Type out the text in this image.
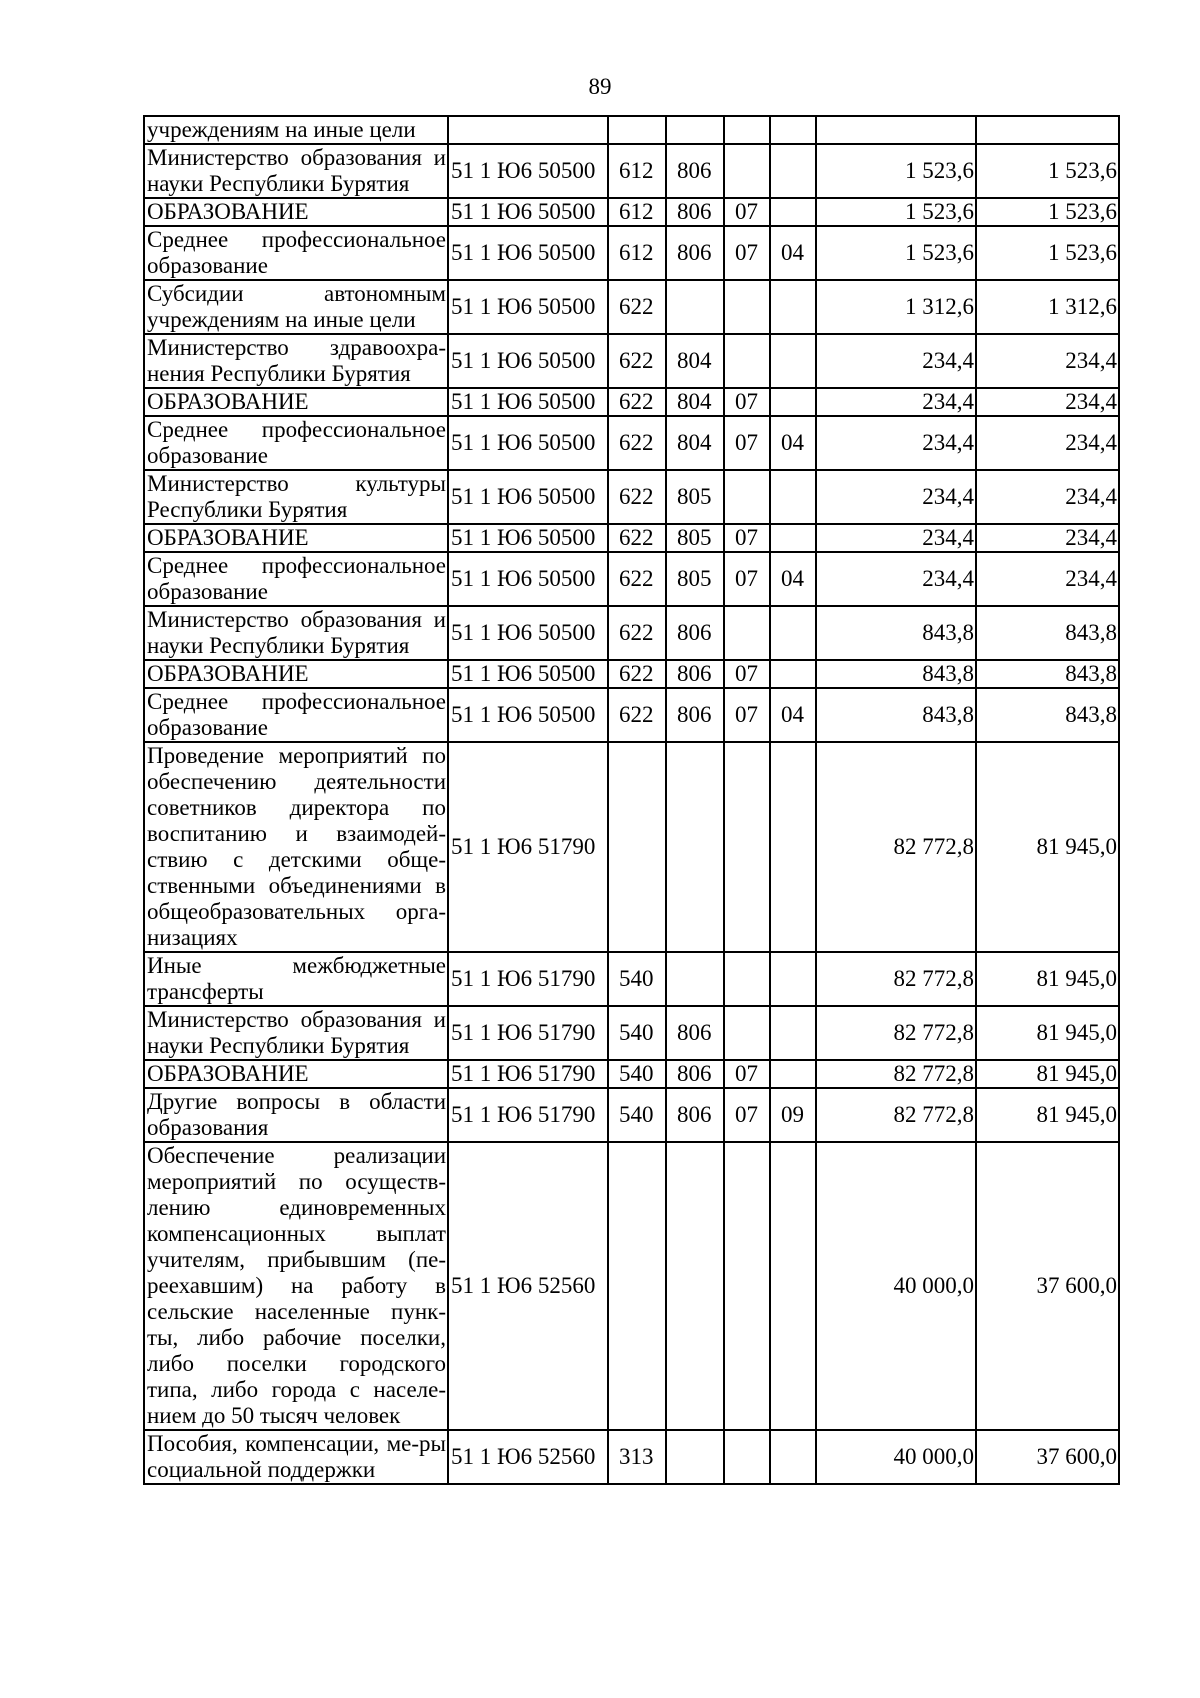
89
учреждениям на иные цели							
Министерство образования и науки Республики Бурятия	51 1 Ю6 50500	612	806			1 523,6	1 523,6
ОБРАЗОВАНИЕ	51 1 Ю6 50500	612	806	07		1 523,6	1 523,6
Среднее профессиональное образование	51 1 Ю6 50500	612	806	07	04	1 523,6	1 523,6
Субсидии автономным учреждениям на иные цели	51 1 Ю6 50500	622				1 312,6	1 312,6
Министерство здравоохра-нения Республики Бурятия	51 1 Ю6 50500	622	804			234,4	234,4
ОБРАЗОВАНИЕ	51 1 Ю6 50500	622	804	07		234,4	234,4
Среднее профессиональное образование	51 1 Ю6 50500	622	804	07	04	234,4	234,4
Министерство культуры Республики Бурятия	51 1 Ю6 50500	622	805			234,4	234,4
ОБРАЗОВАНИЕ	51 1 Ю6 50500	622	805	07		234,4	234,4
Среднее профессиональное образование	51 1 Ю6 50500	622	805	07	04	234,4	234,4
Министерство образования и науки Республики Бурятия	51 1 Ю6 50500	622	806			843,8	843,8
ОБРАЗОВАНИЕ	51 1 Ю6 50500	622	806	07		843,8	843,8
Среднее профессиональное образование	51 1 Ю6 50500	622	806	07	04	843,8	843,8
Проведение мероприятий по обеспечению деятельности советников директора по воспитанию и взаимодей-ствию с детскими обще-ственными объединениями в общеобразовательных орга-низациях	51 1 Ю6 51790					82 772,8	81 945,0
Иные межбюджетные трансферты	51 1 Ю6 51790	540				82 772,8	81 945,0
Министерство образования и науки Республики Бурятия	51 1 Ю6 51790	540	806			82 772,8	81 945,0
ОБРАЗОВАНИЕ	51 1 Ю6 51790	540	806	07		82 772,8	81 945,0
Другие вопросы в области образования	51 1 Ю6 51790	540	806	07	09	82 772,8	81 945,0
Обеспечение реализации мероприятий по осуществ-лению единовременных компенсационных выплат учителям, прибывшим (пе-реехавшим) на работу в сельские населенные пунк-ты, либо рабочие поселки, либо поселки городского типа, либо города с населе-нием до 50 тысяч человек	51 1 Ю6 52560					40 000,0	37 600,0
Пособия, компенсации, ме-ры социальной поддержки	51 1 Ю6 52560	313				40 000,0	37 600,0
